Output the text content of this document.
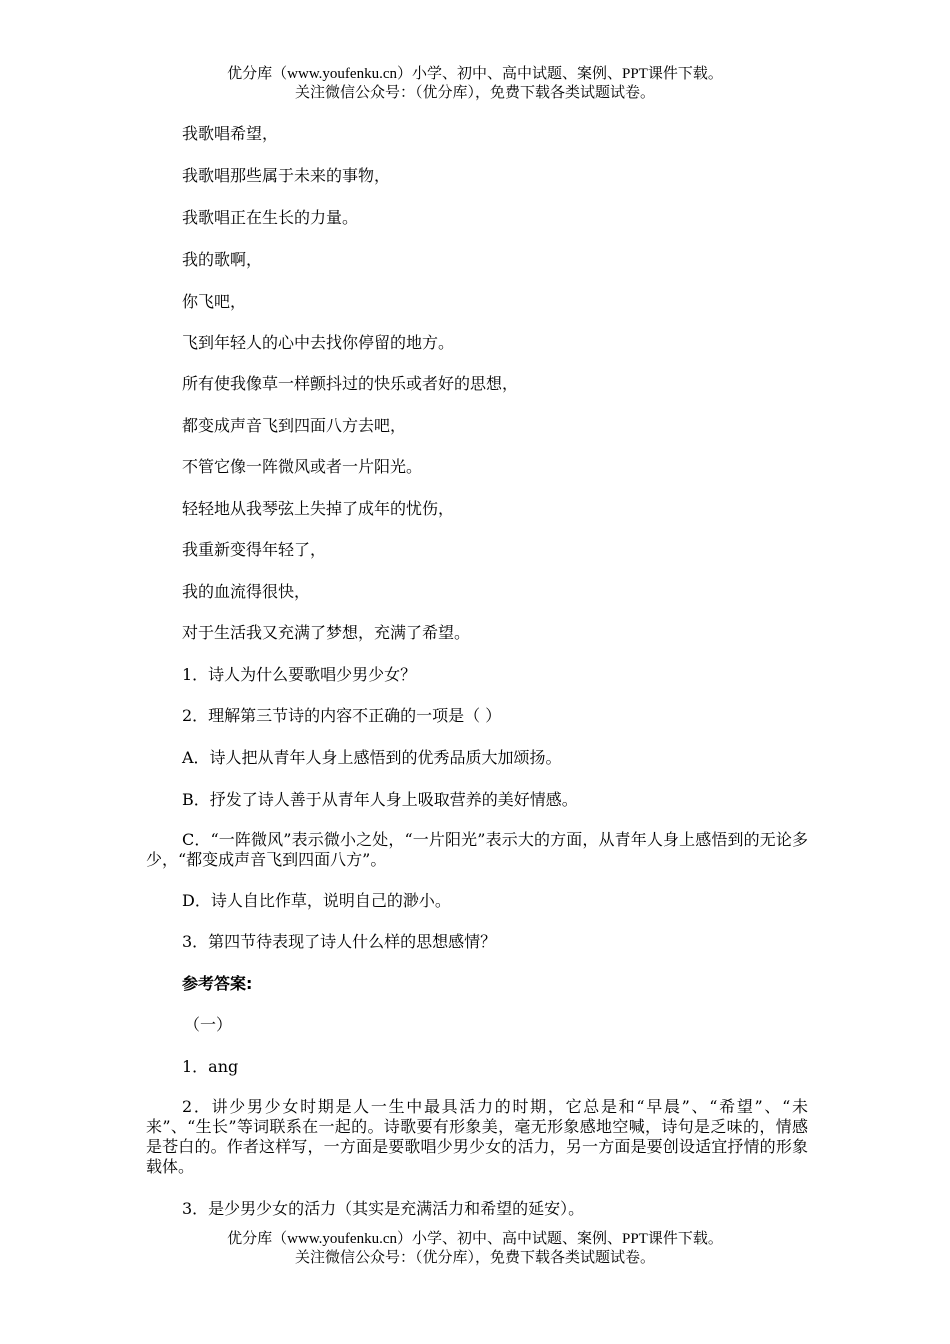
优分库（www.youfenku.cn）小学、初中、高中试题、案例、PPT课件下载。
关注微信公众号：（优分库），免费下载各类试题试卷。
我歌唱希望，
我歌唱那些属于未来的事物，
我歌唱正在生长的力量。
我的歌啊，
你飞吧，
飞到年轻人的心中去找你停留的地方。
所有使我像草一样颤抖过的快乐或者好的思想，
都变成声音飞到四面八方去吧，
不管它像一阵微风或者一片阳光。
轻轻地从我琴弦上失掉了成年的忧伤，
我重新变得年轻了，
我的血流得很快，
对于生活我又充满了梦想，充满了希望。
1．诗人为什么要歌唱少男少女？
2．理解第三节诗的内容不正确的一项是（ ）
A．诗人把从青年人身上感悟到的优秀品质大加颂扬。
B．抒发了诗人善于从青年人身上吸取营养的美好情感。
C．“一阵微风”表示微小之处，“一片阳光”表示大的方面，从青年人身上感悟到的无论多少，“都变成声音飞到四面八方”。
D．诗人自比作草，说明自己的渺小。
3．第四节待表现了诗人什么样的思想感情？
参考答案:
（一）
1．ang
2．讲少男少女时期是人一生中最具活力的时期，它总是和“早晨”、“希望”、“未来”、“生长”等词联系在一起的。诗歌要有形象美，毫无形象感地空喊，诗句是乏味的，情感是苍白的。作者这样写，一方面是要歌唱少男少女的活力，另一方面是要创设适宜抒情的形象载体。
3．是少男少女的活力（其实是充满活力和希望的延安）。
优分库（www.youfenku.cn）小学、初中、高中试题、案例、PPT课件下载。
关注微信公众号：（优分库），免费下载各类试题试卷。
